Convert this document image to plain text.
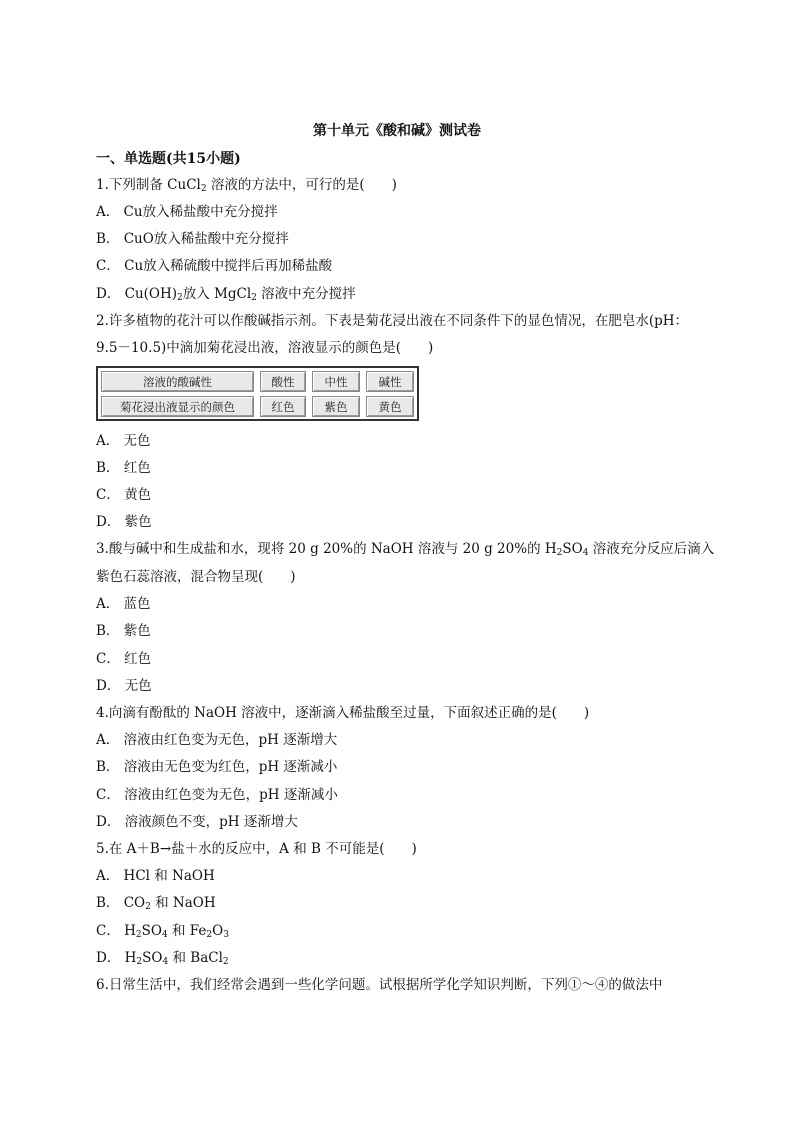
第十单元《酸和碱》测试卷
一、单选题(共15小题)
1.下列制备 CuCl$_2$ 溶液的方法中，可行的是(　　)
A． Cu放入稀盐酸中充分搅拌
B． CuO放入稀盐酸中充分搅拌
C． Cu放入稀硫酸中搅拌后再加稀盐酸
D． $Cu(OH)_2$放入 MgCl$_2$ 溶液中充分搅拌
2.许多植物的花汁可以作酸碱指示剂。下表是菊花浸出液在不同条件下的显色情况，在肥皂水(pH：
9.5－10.5)中滴加菊花浸出液，溶液显示的颜色是(　　)
溶液的酸碱性	酸性	中性	碱性
菊花浸出液显示的颜色	红色	紫色	黄色
A． 无色
B． 红色
C． 黄色
D． 紫色
3.酸与碱中和生成盐和水，现将 20 g 20%的 NaOH 溶液与 20 g 20%的 $H_2SO_4$ 溶液充分反应后滴入
紫色石蕊溶液，混合物呈现(　　)
A． 蓝色
B． 紫色
C． 红色
D． 无色
4.向滴有酚酞的 NaOH 溶液中，逐渐滴入稀盐酸至过量，下面叙述正确的是(　　)
A． 溶液由红色变为无色，pH 逐渐增大
B． 溶液由无色变为红色，pH 逐渐减小
C． 溶液由红色变为无色，pH 逐渐减小
D． 溶液颜色不变，pH 逐渐增大
5.在 A＋B→盐＋水的反应中，A 和 B 不可能是(　　)
A． HCl 和 NaOH
B． $CO_2$ 和 NaOH
C． $H_2SO_4$ 和 $Fe_2O_3$
D． $H_2SO_4$ 和 BaCl$_2$
6.日常生活中，我们经常会遇到一些化学问题。试根据所学化学知识判断，下列①～④的做法中
